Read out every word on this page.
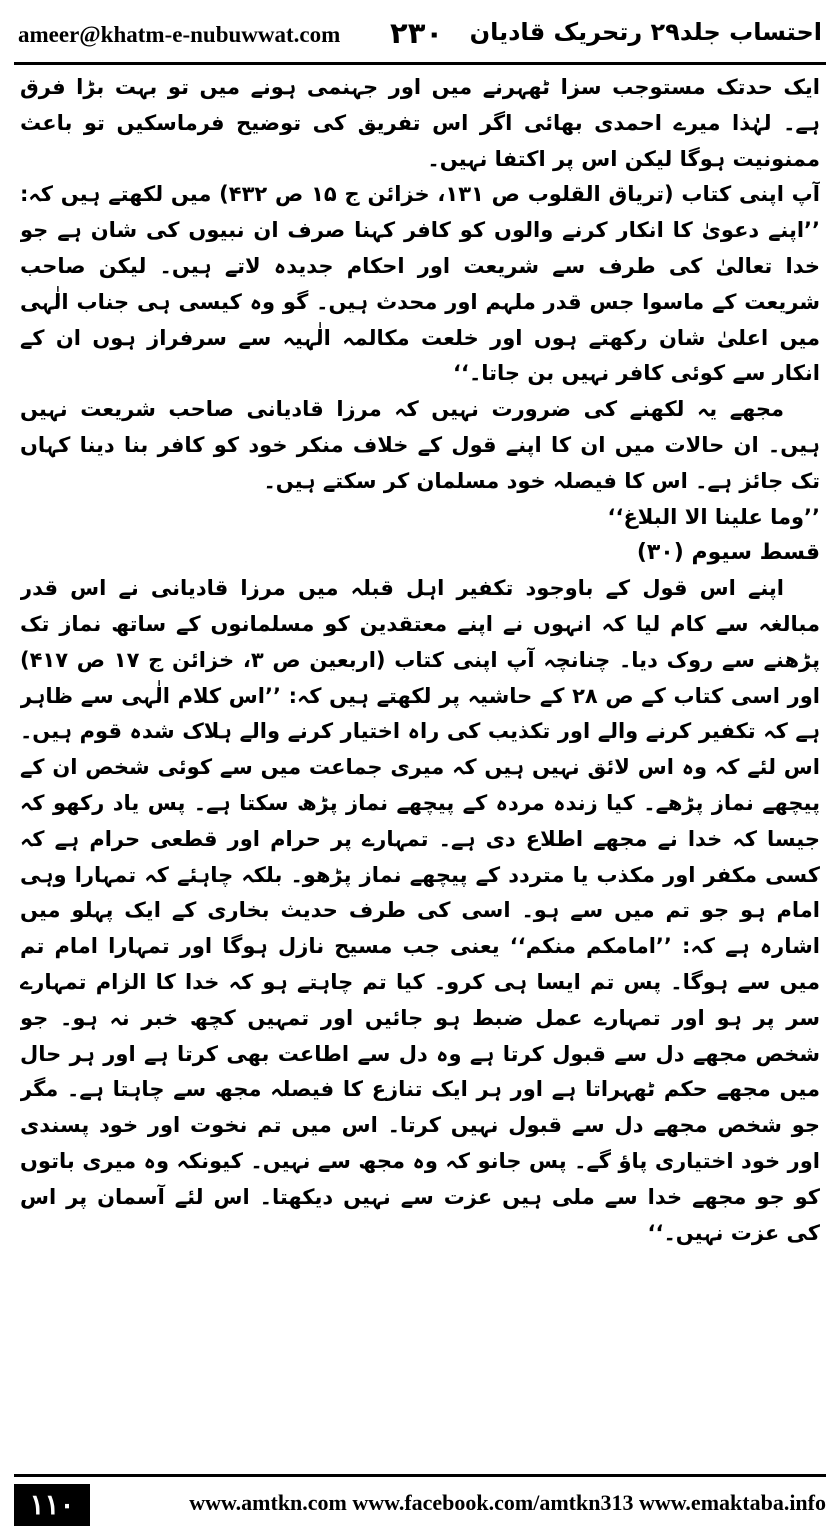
ameer@khatm-e-nubuwwat.com ۲۳۰ احتساب جلد۲۹ رتحریک قادیان

ایک حدتک مستوجب سزا ٹھہرنے میں اور جہنمی ہونے میں تو بہت بڑا فرق ہے۔ لہٰذا میرے احمدی بھائی اگر اس تفریق کی توضیح فرماسکیں تو باعث ممنونیت ہوگا لیکن اس پر اکتفا نہیں۔

آپ اپنی کتاب (تریاق القلوب ص ۱۳۱، خزائن ج ۱۵ ص ۴۳۲) میں لکھتے ہیں کہ: ’’اپنے دعویٰ کا انکار کرنے والوں کو کافر کہنا صرف ان نبیوں کی شان ہے جو خدا تعالیٰ کی طرف سے شریعت اور احکام جدیدہ لاتے ہیں۔ لیکن صاحب شریعت کے ماسوا جس قدر ملہم اور محدث ہیں۔ گو وہ کیسی ہی جناب الٰہی میں اعلیٰ شان رکھتے ہوں اور خلعت مکالمہ الٰہیہ سے سرفراز ہوں ان کے انکار سے کوئی کافر نہیں بن جاتا۔‘‘

مجھے یہ لکھنے کی ضرورت نہیں کہ مرزا قادیانی صاحب شریعت نہیں ہیں۔ ان حالات میں ان کا اپنے قول کے خلاف منکر خود کو کافر بنا دینا کہاں تک جائز ہے۔ اس کا فیصلہ خود مسلمان کر سکتے ہیں۔

’’وما علینا الا البلاغ‘‘

قسط سیوم (۳۰)

اپنے اس قول کے باوجود تکفیر اہل قبلہ میں مرزا قادیانی نے اس قدر مبالغہ سے کام لیا کہ انہوں نے اپنے معتقدین کو مسلمانوں کے ساتھ نماز تک پڑھنے سے روک دیا۔ چنانچہ آپ اپنی کتاب (اربعین ص ۳، خزائن ج ۱۷ ص ۴۱۷) اور اسی کتاب کے ص ۲۸ کے حاشیہ پر لکھتے ہیں کہ: ’’اس کلام الٰہی سے ظاہر ہے کہ تکفیر کرنے والے اور تکذیب کی راہ اختیار کرنے والے ہلاک شدہ قوم ہیں۔ اس لئے کہ وہ اس لائق نہیں ہیں کہ میری جماعت میں سے کوئی شخص ان کے پیچھے نماز پڑھے۔ کیا زندہ مردہ کے پیچھے نماز پڑھ سکتا ہے۔ پس یاد رکھو کہ جیسا کہ خدا نے مجھے اطلاع دی ہے۔ تمہارے پر حرام اور قطعی حرام ہے کہ کسی مکفر اور مکذب یا متردد کے پیچھے نماز پڑھو۔ بلکہ چاہئے کہ تمہارا وہی امام ہو جو تم میں سے ہو۔ اسی کی طرف حدیث بخاری کے ایک پہلو میں اشارہ ہے کہ: ’’امامکم منکم‘‘ یعنی جب مسیح نازل ہوگا اور تمہارا امام تم میں سے ہوگا۔ پس تم ایسا ہی کرو۔ کیا تم چاہتے ہو کہ خدا کا الزام تمہارے سر پر ہو اور تمہارے عمل ضبط ہو جائیں اور تمہیں کچھ خبر نہ ہو۔ جو شخص مجھے دل سے قبول کرتا ہے وہ دل سے اطاعت بھی کرتا ہے اور ہر حال میں مجھے حکم ٹھہراتا ہے اور ہر ایک تنازع کا فیصلہ مجھ سے چاہتا ہے۔ مگر جو شخص مجھے دل سے قبول نہیں کرتا۔ اس میں تم نخوت اور خود پسندی اور خود اختیاری پاؤ گے۔ پس جانو کہ وہ مجھ سے نہیں۔ کیونکہ وہ میری باتوں کو جو مجھے خدا سے ملی ہیں عزت سے نہیں دیکھتا۔ اس لئے آسمان پر اس کی عزت نہیں۔‘‘

۱۱۰	www.amtkn.com www.facebook.com/amtkn313 www.emaktaba.info
